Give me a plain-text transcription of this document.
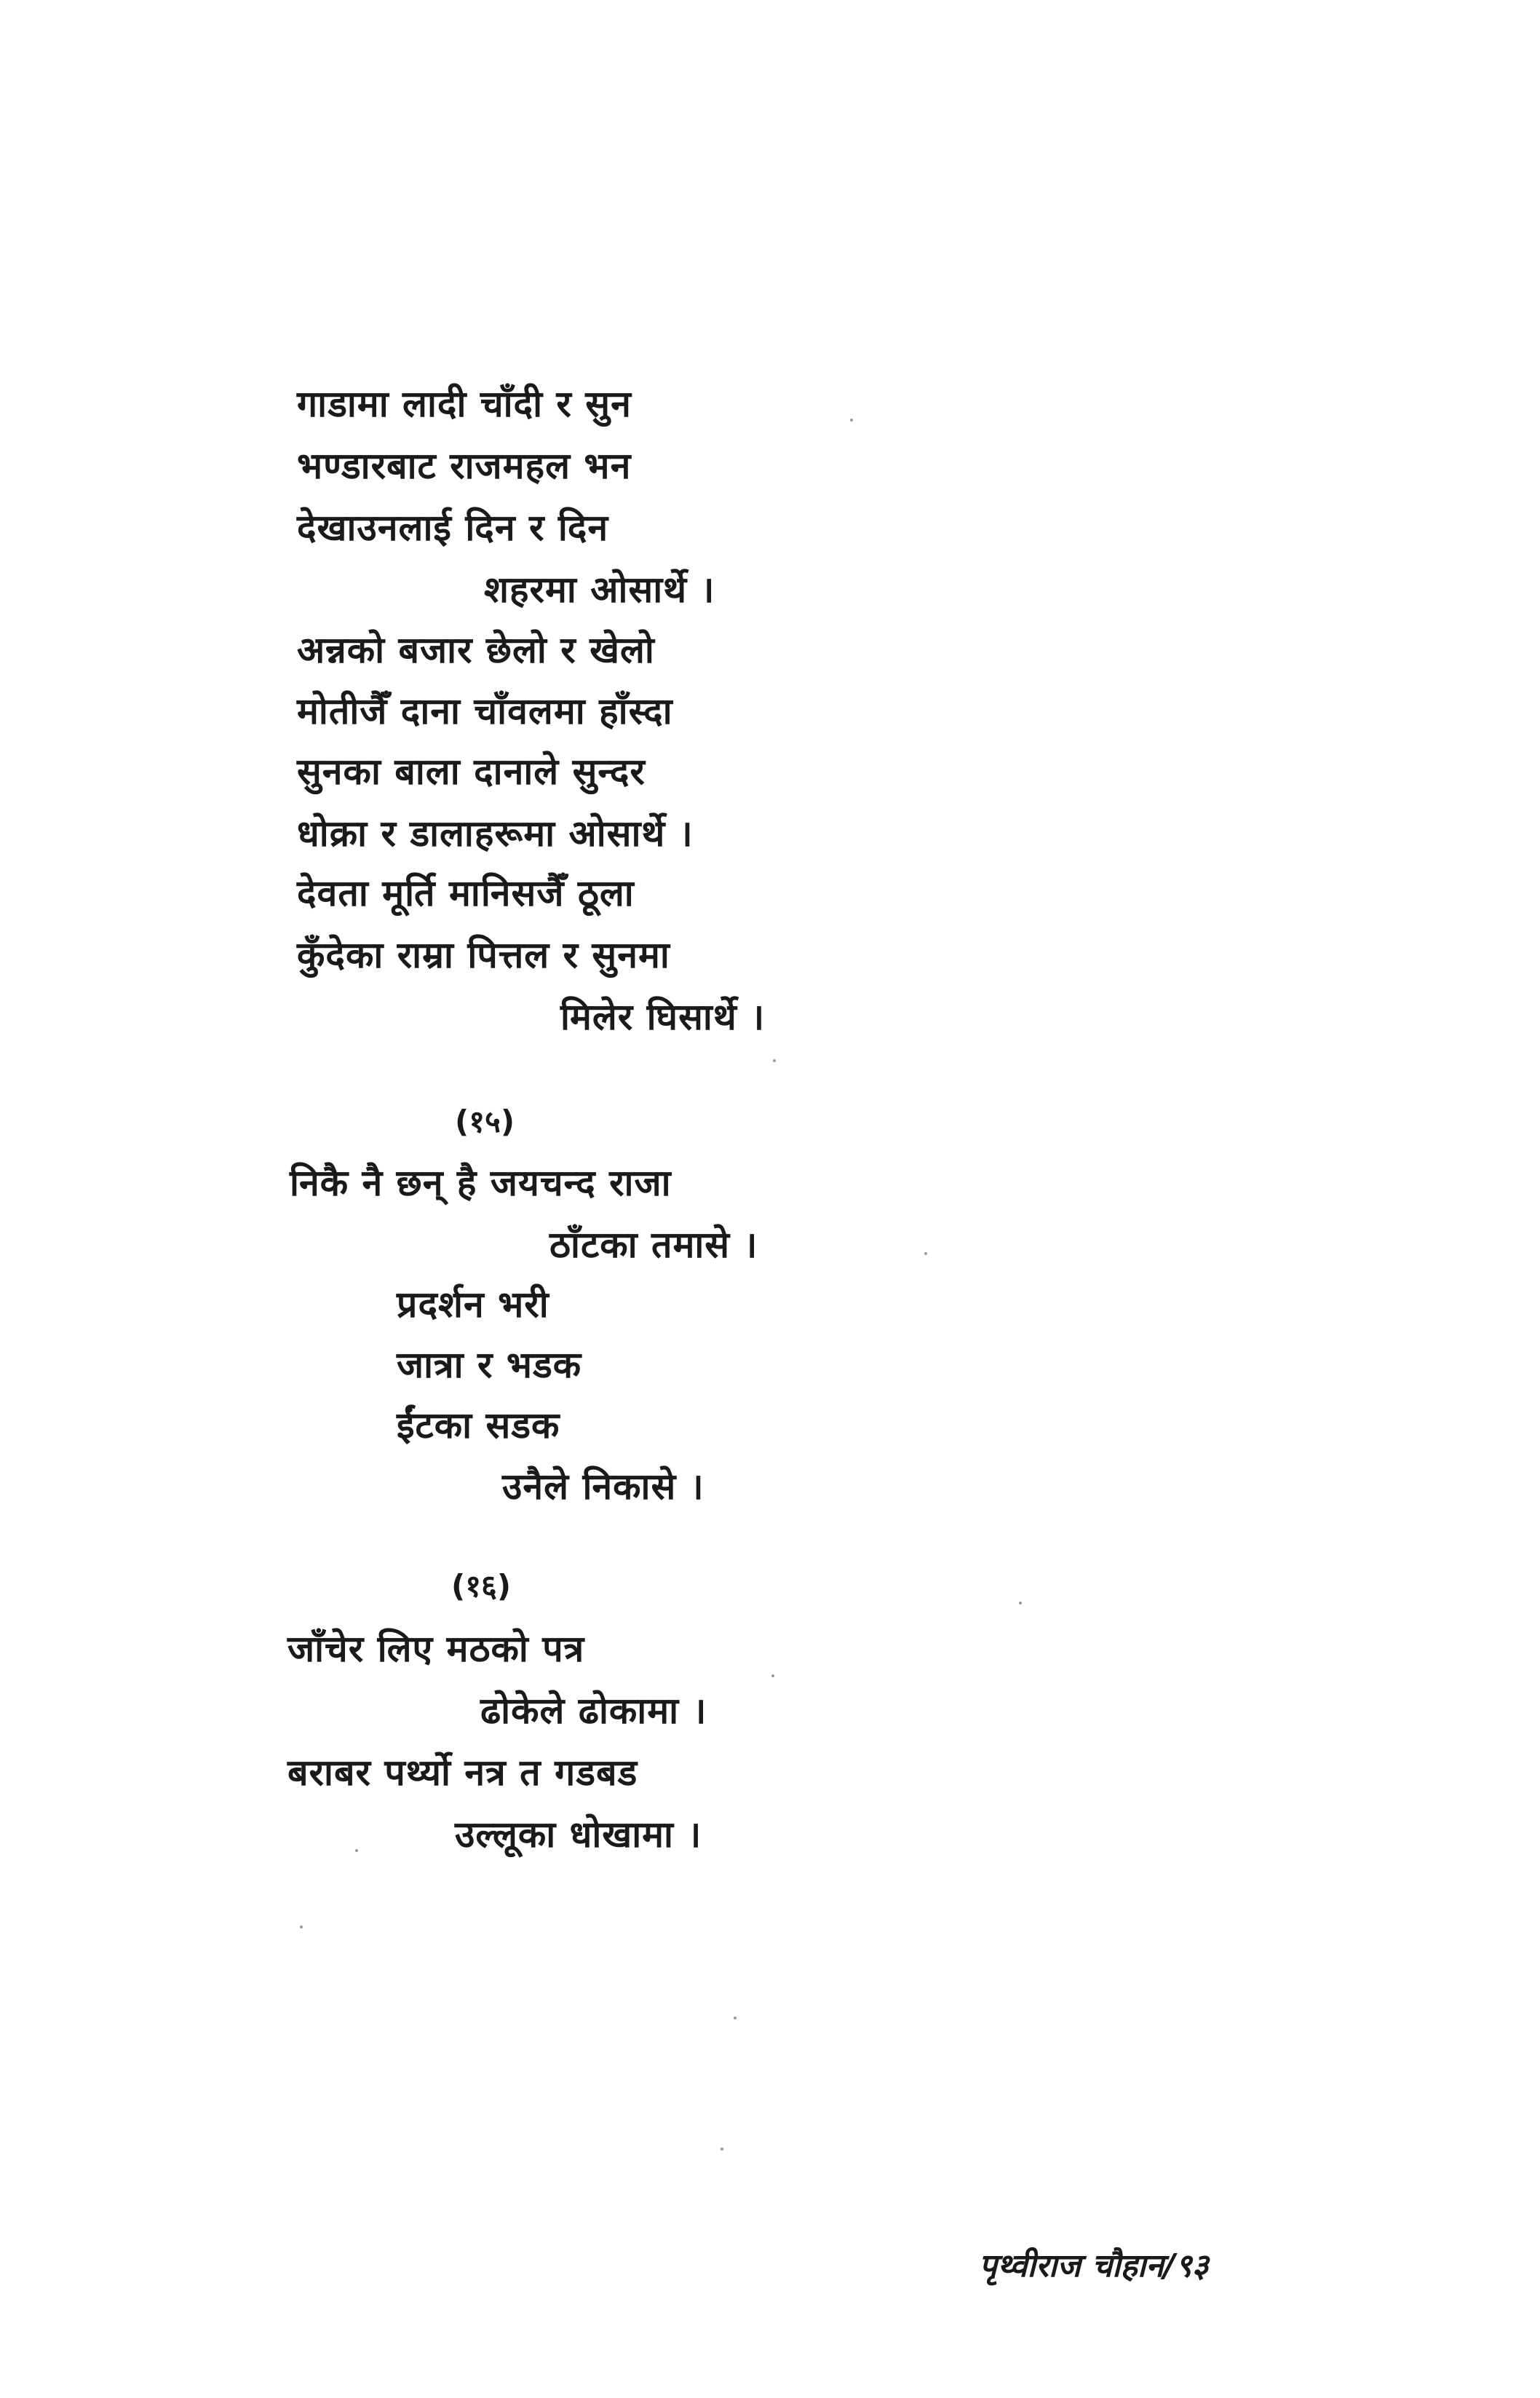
गाडामा लादी चाँदी र सुन
भण्डारबाट राजमहल भन
देखाउनलाई दिन र दिन
शहरमा ओसार्थे ।
अन्नको बजार छेलो र खेलो
मोतीजैँ दाना चाँवलमा हाँस्दा
सुनका बाला दानाले सुन्दर
धोक्रा र डालाहरूमा ओसार्थे ।
देवता मूर्ति मानिसजैँ ठूला
कुँदेका राम्रा पित्तल र सुनमा
मिलेर घिसार्थे ।
(१५)
निकै नै छन् है जयचन्द राजा
ठाँटका तमासे ।
प्रदर्शन भरी
जात्रा र भडक
ईंटका सडक
उनैले निकासे ।
(१६)
जाँचेर लिए मठको पत्र
ढोकेले ढोकामा ।
बराबर पर्थ्यो नत्र त गडबड
उल्लूका धोखामा ।
पृथ्वीराज चौहान/९३
